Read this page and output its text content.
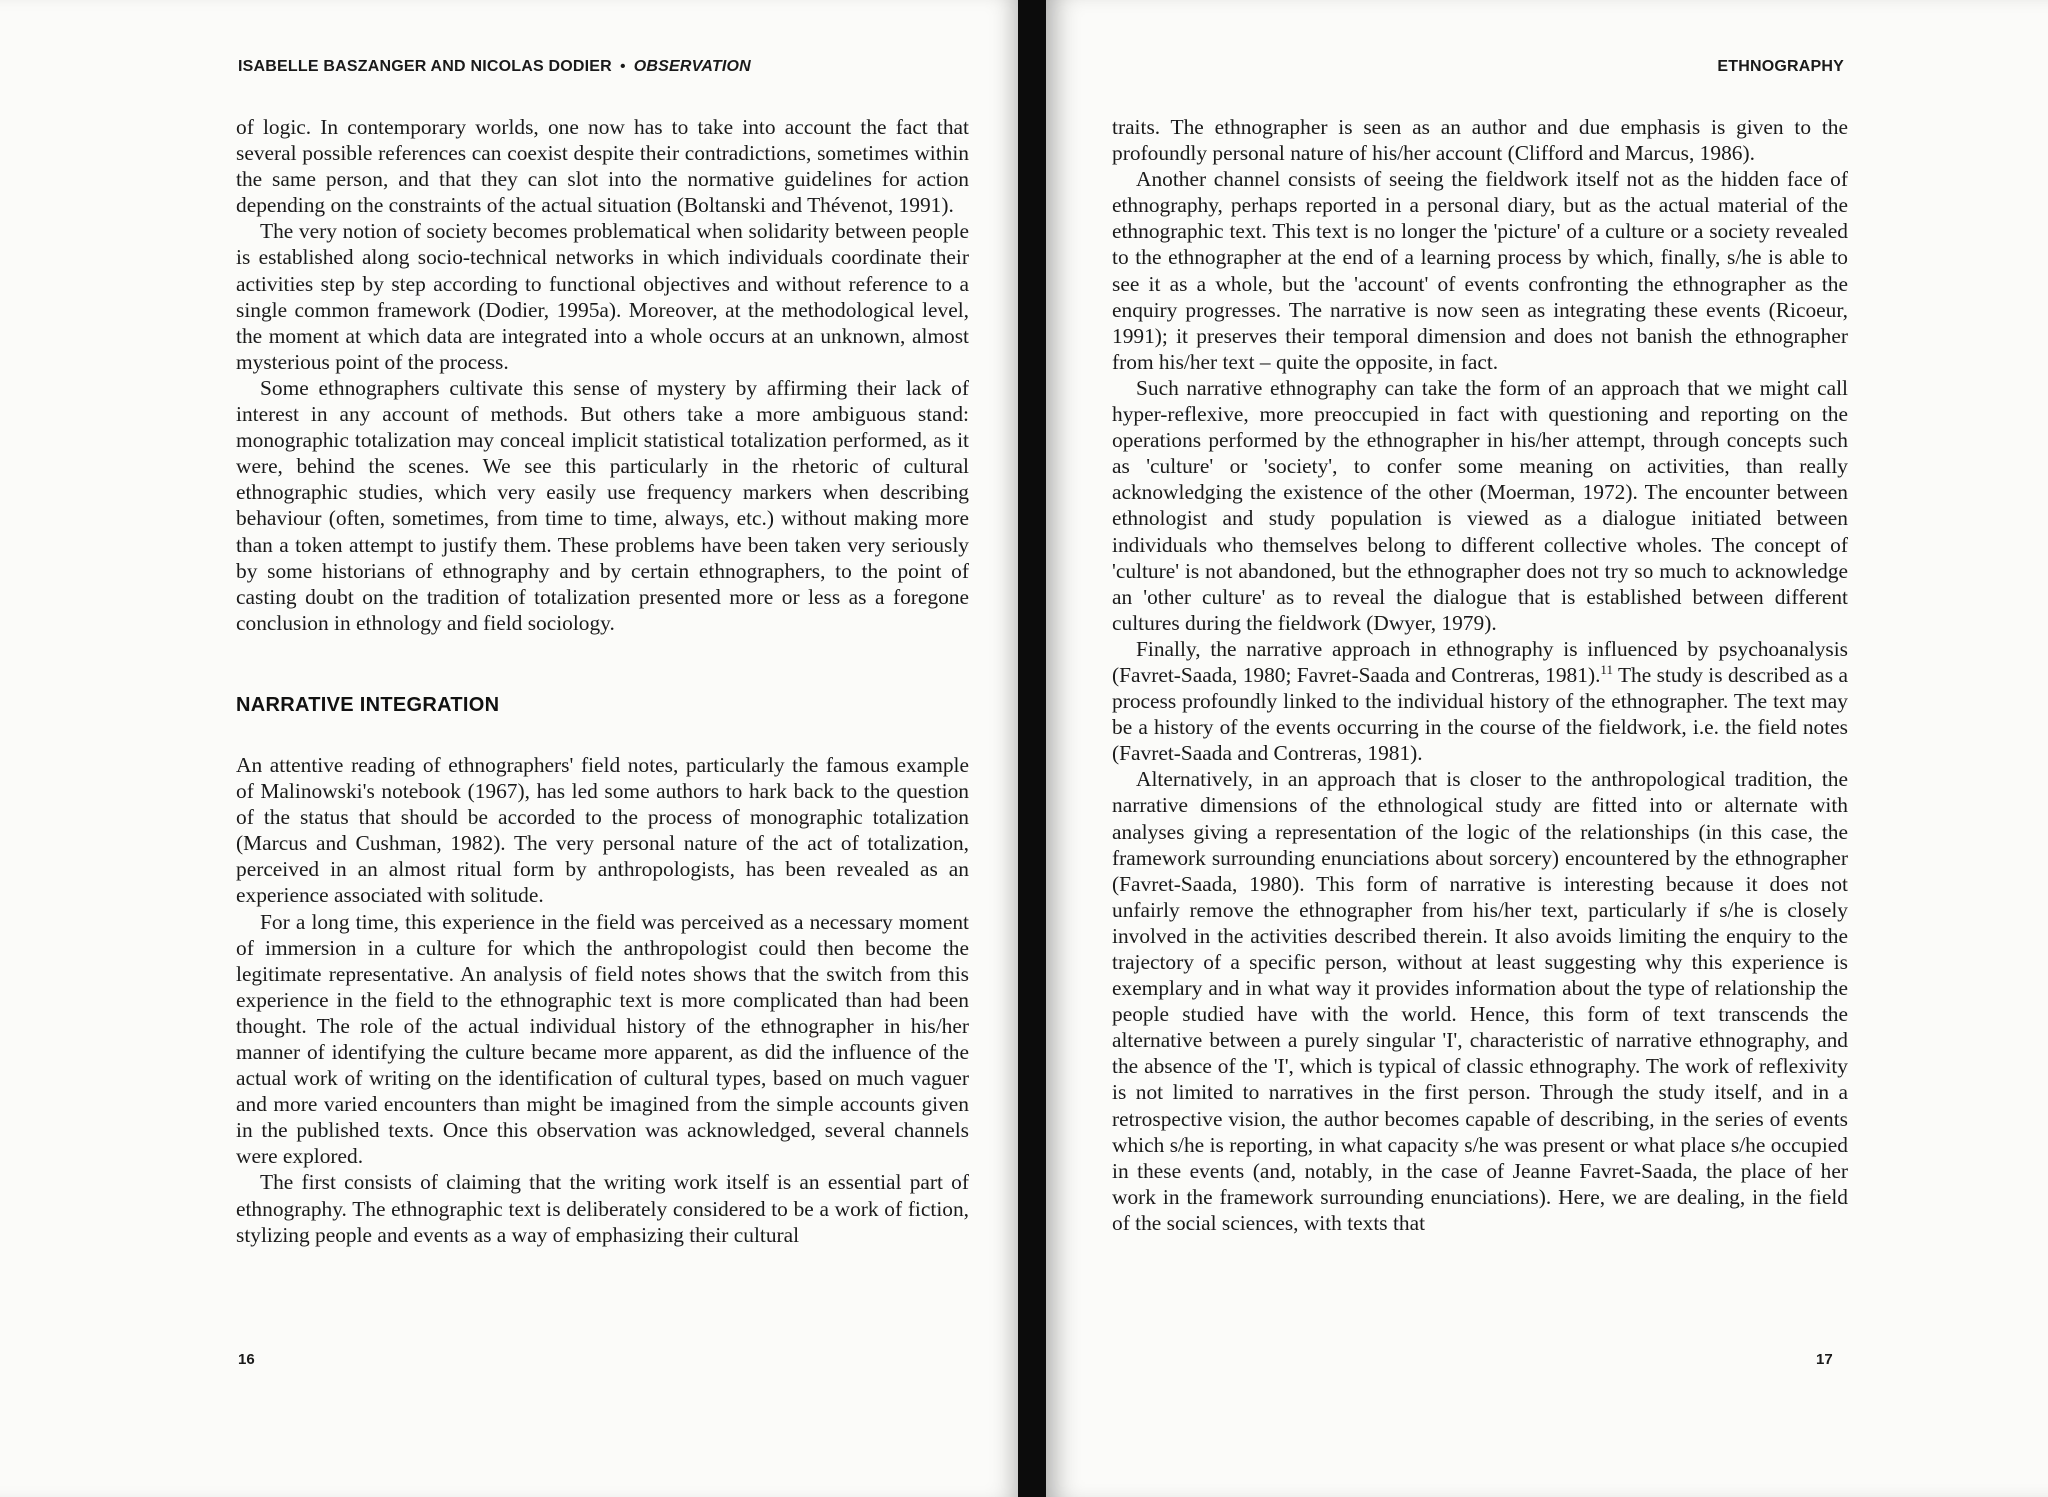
ISABELLE BASZANGER AND NICOLAS DODIER • OBSERVATION

of logic. In contemporary worlds, one now has to take into account the fact that several possible references can coexist despite their contradictions, sometimes within the same person, and that they can slot into the normative guidelines for action depending on the constraints of the actual situation (Boltanski and Thévenot, 1991).

The very notion of society becomes problematical when solidarity between people is established along socio-technical networks in which individuals coordinate their activities step by step according to functional objectives and without reference to a single common framework (Dodier, 1995a). Moreover, at the methodological level, the moment at which data are integrated into a whole occurs at an unknown, almost mysterious point of the process.

Some ethnographers cultivate this sense of mystery by affirming their lack of interest in any account of methods. But others take a more ambiguous stand: monographic totalization may conceal implicit statistical totalization performed, as it were, behind the scenes. We see this particularly in the rhetoric of cultural ethnographic studies, which very easily use frequency markers when describing behaviour (often, sometimes, from time to time, always, etc.) without making more than a token attempt to justify them. These problems have been taken very seriously by some historians of ethnography and by certain ethnographers, to the point of casting doubt on the tradition of totalization presented more or less as a foregone conclusion in ethnology and field sociology.

NARRATIVE INTEGRATION

An attentive reading of ethnographers' field notes, particularly the famous example of Malinowski's notebook (1967), has led some authors to hark back to the question of the status that should be accorded to the process of monographic totalization (Marcus and Cushman, 1982). The very personal nature of the act of totalization, perceived in an almost ritual form by anthropologists, has been revealed as an experience associated with solitude.

For a long time, this experience in the field was perceived as a necessary moment of immersion in a culture for which the anthropologist could then become the legitimate representative. An analysis of field notes shows that the switch from this experience in the field to the ethnographic text is more complicated than had been thought. The role of the actual individual history of the ethnographer in his/her manner of identifying the culture became more apparent, as did the influence of the actual work of writing on the identification of cultural types, based on much vaguer and more varied encounters than might be imagined from the simple accounts given in the published texts. Once this observation was acknowledged, several channels were explored.

The first consists of claiming that the writing work itself is an essential part of ethnography. The ethnographic text is deliberately considered to be a work of fiction, stylizing people and events as a way of emphasizing their cultural

16
ETHNOGRAPHY

traits. The ethnographer is seen as an author and due emphasis is given to the profoundly personal nature of his/her account (Clifford and Marcus, 1986).

Another channel consists of seeing the fieldwork itself not as the hidden face of ethnography, perhaps reported in a personal diary, but as the actual material of the ethnographic text. This text is no longer the 'picture' of a culture or a society revealed to the ethnographer at the end of a learning process by which, finally, s/he is able to see it as a whole, but the 'account' of events confronting the ethnographer as the enquiry progresses. The narrative is now seen as integrating these events (Ricoeur, 1991); it preserves their temporal dimension and does not banish the ethnographer from his/her text – quite the opposite, in fact.

Such narrative ethnography can take the form of an approach that we might call hyper-reflexive, more preoccupied in fact with questioning and reporting on the operations performed by the ethnographer in his/her attempt, through concepts such as 'culture' or 'society', to confer some meaning on activities, than really acknowledging the existence of the other (Moerman, 1972). The encounter between ethnologist and study population is viewed as a dialogue initiated between individuals who themselves belong to different collective wholes. The concept of 'culture' is not abandoned, but the ethnographer does not try so much to acknowledge an 'other culture' as to reveal the dialogue that is established between different cultures during the fieldwork (Dwyer, 1979).

Finally, the narrative approach in ethnography is influenced by psychoanalysis (Favret-Saada, 1980; Favret-Saada and Contreras, 1981).$^{11}$ The study is described as a process profoundly linked to the individual history of the ethnographer. The text may be a history of the events occurring in the course of the fieldwork, i.e. the field notes (Favret-Saada and Contreras, 1981).

Alternatively, in an approach that is closer to the anthropological tradition, the narrative dimensions of the ethnological study are fitted into or alternate with analyses giving a representation of the logic of the relationships (in this case, the framework surrounding enunciations about sorcery) encountered by the ethnographer (Favret-Saada, 1980). This form of narrative is interesting because it does not unfairly remove the ethnographer from his/her text, particularly if s/he is closely involved in the activities described therein. It also avoids limiting the enquiry to the trajectory of a specific person, without at least suggesting why this experience is exemplary and in what way it provides information about the type of relationship the people studied have with the world. Hence, this form of text transcends the alternative between a purely singular 'I', characteristic of narrative ethnography, and the absence of the 'I', which is typical of classic ethnography. The work of reflexivity is not limited to narratives in the first person. Through the study itself, and in a retrospective vision, the author becomes capable of describing, in the series of events which s/he is reporting, in what capacity s/he was present or what place s/he occupied in these events (and, notably, in the case of Jeanne Favret-Saada, the place of her work in the framework surrounding enunciations). Here, we are dealing, in the field of the social sciences, with texts that

17
